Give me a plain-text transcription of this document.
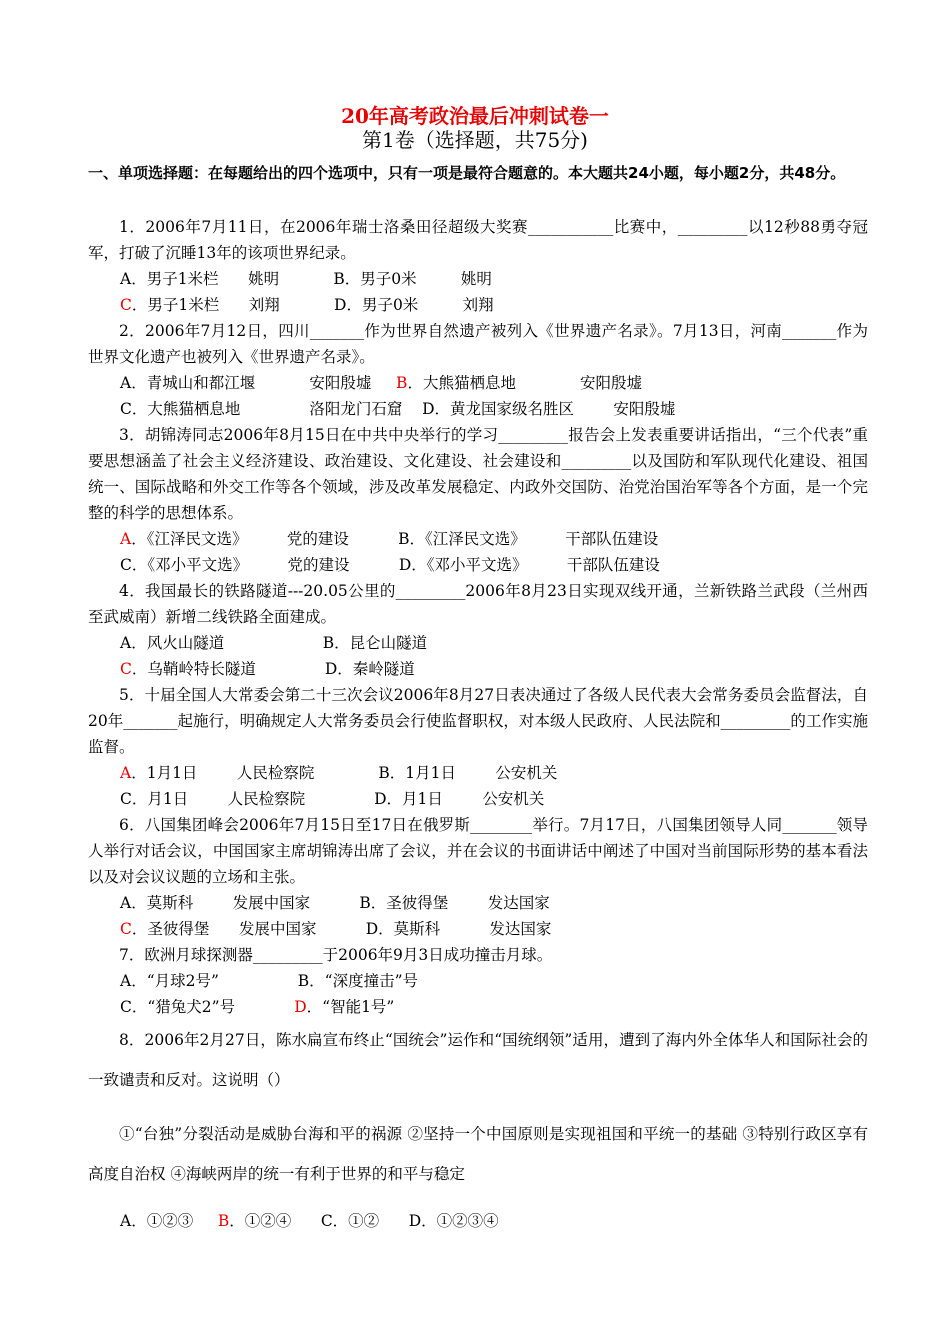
20年高考政治最后冲刺试卷一
第1卷（选择题，共75分)
一、单项选择题：在每题给出的四个选项中，只有一项是最符合题意的。本大题共24小题，每小题2分，共48分。

1．2006年7月11日，在2006年瑞士洛桑田径超级大奖赛___________比赛中，_________以12秒88勇夺冠军，打破了沉睡13年的该项世界纪录。

A．男子1米栏      姚明	B．男子0米         姚明

C．男子1米栏      刘翔	D．男子0米         刘翔

2．2006年7月12日，四川_______作为世界自然遗产被列入《世界遗产名录》。7月13日，河南_______作为世界文化遗产也被列入《世界遗产名录》。

A．青城山和都江堰           安阳殷墟 B．大熊猫栖息地             安阳殷墟

C．大熊猫栖息地              洛阳龙门石窟 D．黄龙国家级名胜区        安阳殷墟

3．胡锦涛同志2006年8月15日在中共中央举行的学习_________报告会上发表重要讲话指出，“三个代表”重要思想涵盖了社会主义经济建设、政治建设、文化建设、社会建设和_________以及国防和军队现代化建设、祖国统一、国际战略和外交工作等各个领域，涉及改革发展稳定、内政外交国防、治党治国治军等各个方面，是一个完整的科学的思想体系。

A．《江泽民文选》        党的建设	B．《江泽民文选》        干部队伍建设

C．《邓小平文选》        党的建设	D．《邓小平文选》        干部队伍建设

4．我国最长的铁路隧道---20.05公里的_________2006年8月23日实现双线开通，兰新铁路兰武段（兰州西至武威南）新增二线铁路全面建成。

A．风火山隧道	B．昆仑山隧道

C．乌鞘岭特长隧道	D．秦岭隧道

5．十届全国人大常委会第二十三次会议2006年8月27日表决通过了各级人民代表大会常务委员会监督法，自20年_______起施行，明确规定人大常务委员会行使监督职权，对本级人民政府、人民法院和_________的工作实施监督。

A．1月1日        人民检察院	B．1月1日        公安机关

C．月1日        人民检察院	D．月1日        公安机关

6．八国集团峰会2006年7月15日至17日在俄罗斯________举行。7月17日，八国集团领导人同_______领导人举行对话会议，中国国家主席胡锦涛出席了会议，并在会议的书面讲话中阐述了中国对当前国际形势的基本看法以及对会议议题的立场和主张。

A．莫斯科        发展中国家	B．圣彼得堡        发达国家

C．圣彼得堡      发展中国家	D．莫斯科          发达国家

7．欧洲月球探测器_________于2006年9月3日成功撞击月球。

A．“月球2号”	B．“深度撞击”号

C．“猎兔犬2”号	D．“智能1号”

8．2006年2月27日，陈水扁宣布终止“国统会”运作和“国统纲领”适用，遭到了海内外全体华人和国际社会的一致谴责和反对。这说明（）

①“台独”分裂活动是威胁台海和平的祸源 ②坚持一个中国原则是实现祖国和平统一的基础 ③特别行政区享有高度自治权 ④海峡两岸的统一有利于世界的和平与稳定

A．①②③ B．①②④ C．①② D．①②③④
